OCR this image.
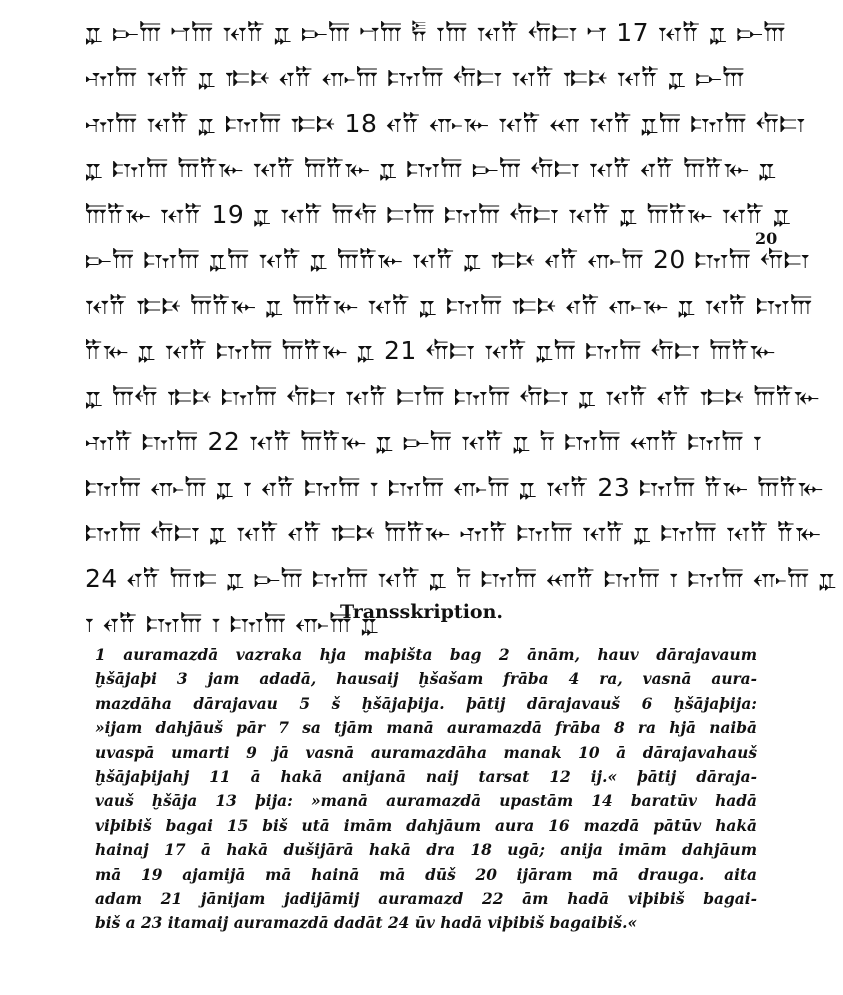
𐎁 𐎋𐎠 𐎎𐎠 𐎰𐎡 𐎁 𐎋𐎠 𐎎𐎠 𐎱 𐎂𐎠 𐎰𐎡 𐎢𐎲 𐎎 17 𐎰𐎡 𐎁 𐎋𐎠
𐎶𐎠 𐎰𐎡 𐎁 𐎣𐎴 𐎤𐎡 𐎥𐎠 𐎫𐎠 𐎢𐎲 𐎰𐎡 𐎣𐎴 𐎰𐎡 𐎁 𐎋𐎠
𐎶𐎠 𐎰𐎡 𐎁 𐎫𐎠 𐎣𐎴 18 𐎤𐎡 𐎥𐎹 𐎰𐎡 𐎧 𐎰𐎡 𐎁𐎠 𐎫𐎠 𐎢𐎲
𐎁 𐎫𐎠 𐎠𐎡𐎹 𐎰𐎡 𐎠𐎡𐎹 𐎁 𐎫𐎠 𐎋𐎠 𐎢𐎲 𐎰𐎡 𐎤𐎡 𐎠𐎡𐎹 𐎁
𐎠𐎡𐎹 𐎰𐎡 19 𐎁 𐎰𐎡 𐎠𐎢 𐎲𐎠 𐎫𐎠 𐎢𐎲 𐎰𐎡 𐎁 𐎠𐎡𐎹 𐎰𐎡 𐎁
𐎋𐎠 𐎫𐎠 𐎁𐎠 𐎰𐎡 𐎁 𐎠𐎡𐎹 𐎰𐎡 𐎁 𐎣𐎴 𐎤𐎡 𐎥𐎠 20 𐎫𐎠 𐎢𐎲
𐎰𐎡 𐎣𐎴 𐎠𐎡𐎹 𐎁 𐎠𐎡𐎹 𐎰𐎡 𐎁 𐎫𐎠 𐎣𐎴 𐎤𐎡 𐎥𐎹 𐎁 𐎰𐎡 𐎫𐎠
𐎡𐎹 𐎁 𐎰𐎡 𐎫𐎠 𐎠𐎡𐎹 𐎁 21 𐎢𐎲 𐎰𐎡 𐎁𐎠 𐎫𐎠 𐎢𐎲 𐎠𐎡𐎹
𐎁 𐎠𐎢 𐎣𐎴 𐎫𐎠 𐎢𐎲 𐎰𐎡 𐎲𐎠 𐎫𐎠 𐎢𐎲 𐎁 𐎰𐎡 𐎤𐎡 𐎣𐎴 𐎠𐎡𐎹
𐎶𐎡 𐎫𐎠 22 𐎰𐎡 𐎠𐎡𐎹 𐎁 𐎋𐎠 𐎰𐎡 𐎁 𐎭 𐎫𐎠 𐎧𐎡 𐎫𐎠 𐎂
𐎫𐎠 𐎥𐎠 𐎁 𐎂 𐎤𐎡 𐎫𐎠 𐎂 𐎫𐎠 𐎥𐎠 𐎁 𐎰𐎡 23 𐎫𐎠 𐎡𐎹 𐎠𐎡𐎹
𐎫𐎠 𐎢𐎲 𐎁 𐎰𐎡 𐎤𐎡 𐎣𐎴 𐎠𐎡𐎹 𐎶𐎡 𐎫𐎠 𐎰𐎡 𐎁 𐎫𐎠 𐎰𐎡 𐎡𐎹
24 𐎤𐎡 𐎠𐎣 𐎁 𐎋𐎠 𐎫𐎠 𐎰𐎡 𐎁 𐎭 𐎫𐎠 𐎧𐎡 𐎫𐎠 𐎂 𐎫𐎠 𐎥𐎠 𐎁
𐎂 𐎤𐎡 𐎫𐎠 𐎂 𐎫𐎠 𐎥𐎠 𐎁
20
Transskription.
1 auramazdā vazraka hja maþišta bag 2 ānām, hauv dārajavaum
ḫšājaþi 3 jam adadā, hausaij ḫšašam frāba 4 ra, vasnā aura-
mazdāha dārajavau 5 š ḫšājaþija. þātij dārajavauš 6 ḫšājaþija:
»ijam dahjāuš pār 7 sa tjām manā auramazdā frāba 8 ra hjā naibā
uvaspā umarti 9 jā vasnā auramazdāha manak 10 ā dārajavahauš
ḫšājaþijahj 11 ā hakā anijanā naij tarsat 12 ij.« þātij dāraja-
vauš ḫšāja 13 þija: »manā auramazdā upastām 14 baratūv hadā
viþibiš bagai 15 biš utā imām dahjāum aura 16 mazdā pātūv hakā
hainaj 17 ā hakā dušijārā hakā dra 18 ugā; anija imām dahjāum
mā 19 ajamijā mā hainā mā dūš 20 ijāram mā drauga. aita
adam 21 jānijam jadijāmij auramazd 22 ām hadā viþibiš bagai-
biš a 23 itamaij auramazdā dadāt 24 ūv hadā viþibiš bagaibiš.«
